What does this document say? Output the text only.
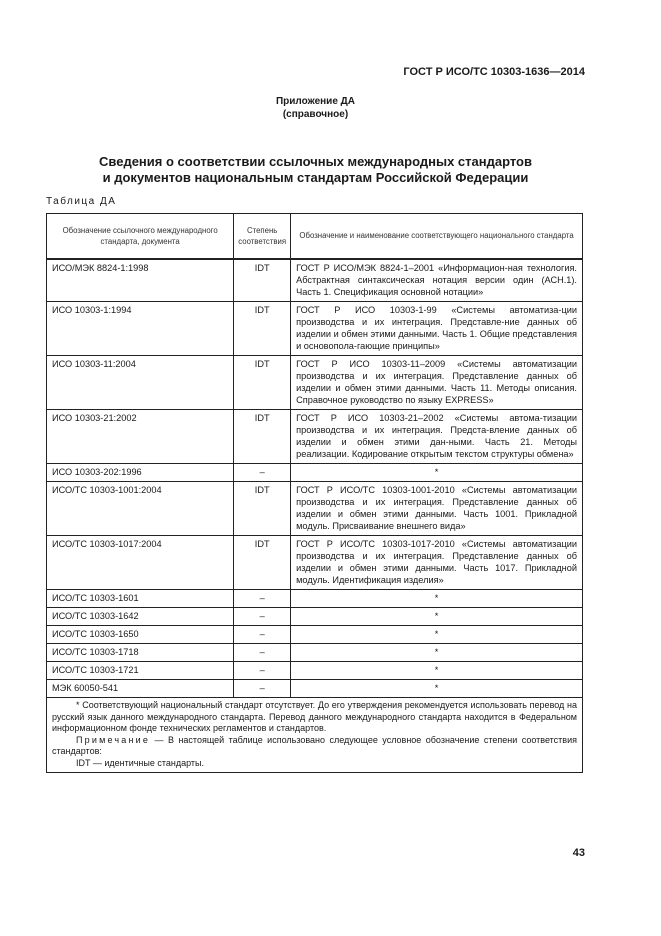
ГОСТ Р ИСО/ТС 10303-1636—2014
Приложение ДА
(справочное)
Сведения о соответствии ссылочных международных стандартов
и документов национальным стандартам Российской Федерации
Таблица ДА
Обозначение ссылочного международного стандарта, документа	Степень соответствия	Обозначение и наименование соответствующего национального стандарта
ИСО/МЭК 8824-1:1998	IDT	ГОСТ Р ИСО/МЭК 8824-1–2001 «Информацион-ная технология. Абстрактная синтаксическая нотация версии один (АСН.1). Часть 1. Спецификация основной нотации»
ИСО 10303-1:1994	IDT	ГОСТ Р ИСО 10303-1-99 «Системы автоматиза-ции производства и их интеграция. Представле-ние данных об изделии и обмен этими данными. Часть 1. Общие представления и основопола-гающие принципы»
ИСО 10303-11:2004	IDT	ГОСТ Р ИСО 10303-11–2009 «Системы автоматизации производства и их интеграция. Представление данных об изделии и обмен этими данными. Часть 11. Методы описания. Справочное руководство по языку EXPRESS»
ИСО 10303-21:2002	IDT	ГОСТ Р ИСО 10303-21–2002 «Системы автома-тизации производства и их интеграция. Предста-вление данных об изделии и обмен этими дан-ными. Часть 21. Методы реализации. Кодирование открытым текстом структуры обмена»
ИСО 10303-202:1996	–	*
ИСО/ТС 10303-1001:2004	IDT	ГОСТ Р ИСО/ТС 10303-1001-2010 «Системы автоматизации производства и их интеграция. Представление данных об изделии и обмен этими данными. Часть 1001. Прикладной модуль. Присваивание внешнего вида»
ИСО/ТС 10303-1017:2004	IDT	ГОСТ Р ИСО/ТС 10303-1017-2010 «Системы автоматизации производства и их интеграция. Представление данных об изделии и обмен этими данными. Часть 1017. Прикладной модуль. Идентификация изделия»
ИСО/ТС 10303-1601	–	*
ИСО/ТС 10303-1642	–	*
ИСО/ТС 10303-1650	–	*
ИСО/ТС 10303-1718	–	*
ИСО/ТС 10303-1721	–	*
МЭК 60050-541	–	*

* Соответствующий национальный стандарт отсутствует. До его утверждения рекомендуется использовать перевод на русский язык данного международного стандарта. Перевод данного международного стандарта находится в Федеральном информационном фонде технических регламентов и стандартов.
Примечание — В настоящей таблице использовано следующее условное обозначение степени соответствия стандартов:
IDT — идентичные стандарты.		
43
